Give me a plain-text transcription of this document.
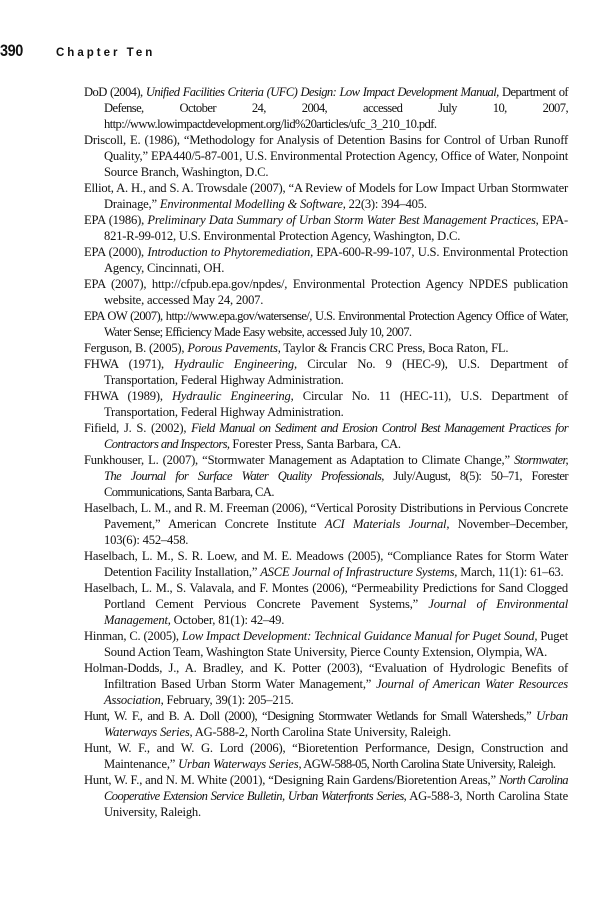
390	Chapter Ten
DoD (2004), Unified Facilities Criteria (UFC) Design: Low Impact Development Manual, Department of Defense, October 24, 2004, accessed July 10, 2007, http://www.lowimpactdevelopment.org/lid%20articles/ufc_3_210_10.pdf.
Driscoll, E. (1986), “Methodology for Analysis of Detention Basins for Control of Urban Runoff Quality,” EPA440/5-87-001, U.S. Environmental Protection Agency, Office of Water, Nonpoint Source Branch, Washington, D.C.
Elliot, A. H., and S. A. Trowsdale (2007), “A Review of Models for Low Impact Urban Stormwater Drainage,” Environmental Modelling & Software, 22(3): 394–405.
EPA (1986), Preliminary Data Summary of Urban Storm Water Best Management Practices, EPA-821-R-99-012, U.S. Environmental Protection Agency, Washington, D.C.
EPA (2000), Introduction to Phytoremediation, EPA-600-R-99-107, U.S. Environmental Protection Agency, Cincinnati, OH.
EPA (2007), http://cfpub.epa.gov/npdes/, Environmental Protection Agency NPDES publication website, accessed May 24, 2007.
EPA OW (2007), http://www.epa.gov/watersense/, U.S. Environmental Protection Agency Office of Water, Water Sense; Efficiency Made Easy website, accessed July 10, 2007.
Ferguson, B. (2005), Porous Pavements, Taylor & Francis CRC Press, Boca Raton, FL.
FHWA (1971), Hydraulic Engineering, Circular No. 9 (HEC-9), U.S. Department of Transportation, Federal Highway Administration.
FHWA (1989), Hydraulic Engineering, Circular No. 11 (HEC-11), U.S. Department of Transportation, Federal Highway Administration.
Fifield, J. S. (2002), Field Manual on Sediment and Erosion Control Best Management Practices for Contractors and Inspectors, Forester Press, Santa Barbara, CA.
Funkhouser, L. (2007), “Stormwater Management as Adaptation to Climate Change,” Stormwater, The Journal for Surface Water Quality Professionals, July/August, 8(5): 50–71, Forester Communications, Santa Barbara, CA.
Haselbach, L. M., and R. M. Freeman (2006), “Vertical Porosity Distributions in Pervious Concrete Pavement,” American Concrete Institute ACI Materials Journal, November–December, 103(6): 452–458.
Haselbach, L. M., S. R. Loew, and M. E. Meadows (2005), “Compliance Rates for Storm Water Detention Facility Installation,” ASCE Journal of Infrastructure Systems, March, 11(1): 61–63.
Haselbach, L. M., S. Valavala, and F. Montes (2006), “Permeability Predictions for Sand Clogged Portland Cement Pervious Concrete Pavement Systems,” Journal of Environmental Management, October, 81(1): 42–49.
Hinman, C. (2005), Low Impact Development: Technical Guidance Manual for Puget Sound, Puget Sound Action Team, Washington State University, Pierce County Extension, Olympia, WA.
Holman-Dodds, J., A. Bradley, and K. Potter (2003), “Evaluation of Hydrologic Benefits of Infiltration Based Urban Storm Water Management,” Journal of American Water Resources Association, February, 39(1): 205–215.
Hunt, W. F., and B. A. Doll (2000), “Designing Stormwater Wetlands for Small Watersheds,” Urban Waterways Series, AG-588-2, North Carolina State University, Raleigh.
Hunt, W. F., and W. G. Lord (2006), “Bioretention Performance, Design, Construction and Maintenance,” Urban Waterways Series, AGW-588-05, North Carolina State University, Raleigh.
Hunt, W. F., and N. M. White (2001), “Designing Rain Gardens/Bioretention Areas,” North Carolina Cooperative Extension Service Bulletin, Urban Waterfronts Series, AG-588-3, North Carolina State University, Raleigh.
